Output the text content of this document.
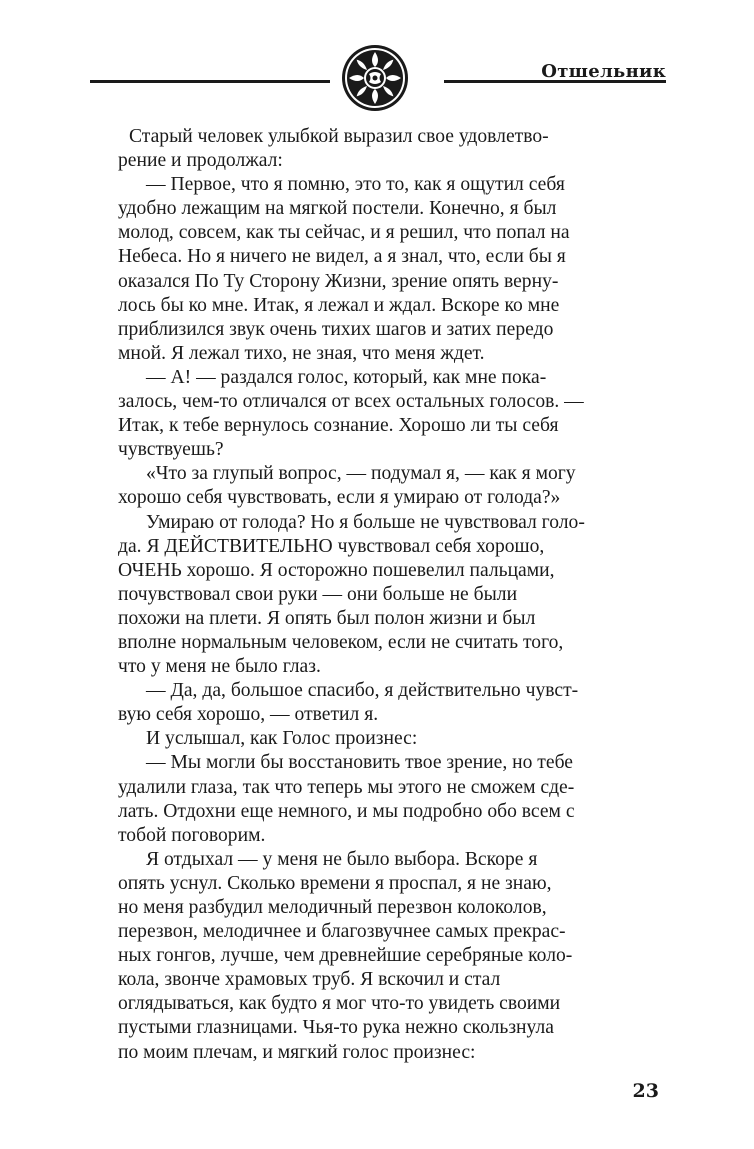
Отшельник
Старый человек улыбкой выразил свое удовлетво-
рение и продолжал:
— Первое, что я помню, это то, как я ощутил себя
удобно лежащим на мягкой постели. Конечно, я был
молод, совсем, как ты сейчас, и я решил, что попал на
Небеса. Но я ничего не видел, а я знал, что, если бы я
оказался По Ту Сторону Жизни, зрение опять верну-
лось бы ко мне. Итак, я лежал и ждал. Вскоре ко мне
приблизился звук очень тихих шагов и затих передо
мной. Я лежал тихо, не зная, что меня ждет.
— А! — раздался голос, который, как мне пока-
залось, чем-то отличался от всех остальных голосов. —
Итак, к тебе вернулось сознание. Хорошо ли ты себя
чувствуешь?
«Что за глупый вопрос, — подумал я, — как я могу
хорошо себя чувствовать, если я умираю от голода?»
Умираю от голода? Но я больше не чувствовал голо-
да. Я ДЕЙСТВИТЕЛЬНО чувствовал себя хорошо,
ОЧЕНЬ хорошо. Я осторожно пошевелил пальцами,
почувствовал свои руки — они больше не были
похожи на плети. Я опять был полон жизни и был
вполне нормальным человеком, если не считать того,
что у меня не было глаз.
— Да, да, большое спасибо, я действительно чувст-
вую себя хорошо, — ответил я.
И услышал, как Голос произнес:
— Мы могли бы восстановить твое зрение, но тебе
удалили глаза, так что теперь мы этого не сможем сде-
лать. Отдохни еще немного, и мы подробно обо всем с
тобой поговорим.
Я отдыхал — у меня не было выбора. Вскоре я
опять уснул. Сколько времени я проспал, я не знаю,
но меня разбудил мелодичный перезвон колоколов,
перезвон, мелодичнее и благозвучнее самых прекрас-
ных гонгов, лучше, чем древнейшие серебряные коло-
кола, звонче храмовых труб. Я вскочил и стал
оглядываться, как будто я мог что-то увидеть своими
пустыми глазницами. Чья-то рука нежно скользнула
по моим плечам, и мягкий голос произнес:
23
